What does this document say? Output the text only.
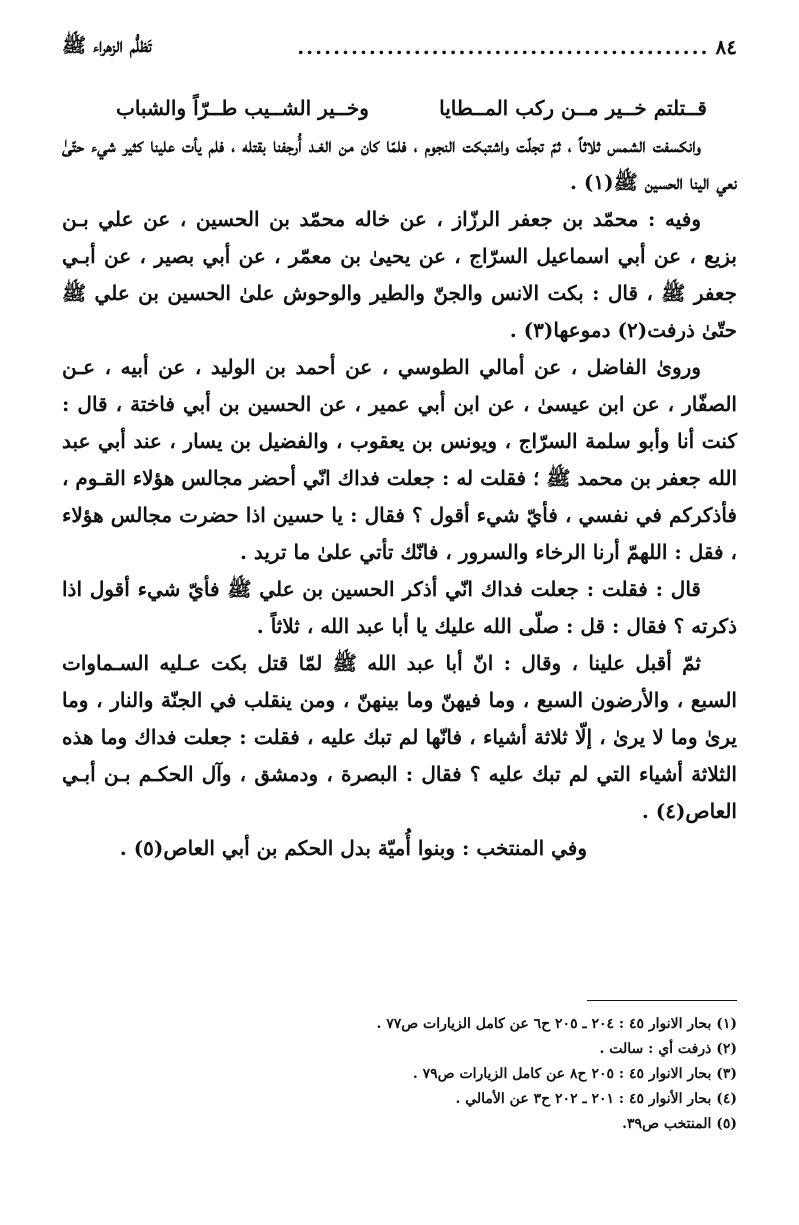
٨٤
..............................................
تَظلُّم الزهراء ﷺ
قــتلتم خــير مــن ركب المــطايا
وخــير الشــيب طــرّاً والشباب

وانكسفت الشمس ثلاثاً ، ثمّ تجلّت واشتبكت النجوم ، فلمّا كان من الغـد أُرجفنا بقتله ، فلم يأت علينا كثير شيء حتّىٰ نعي الينا الحسين ﷺ(١) .

وفيه : محمّد بن جعفر الرزّاز ، عن خاله محمّد بن الحسين ، عن علي بـن بزيع ، عن أبي اسماعيل السرّاج ، عن يحيىٰ بن معمّر ، عن أبي بصير ، عن أبـي جعفر ﷺ ، قال : بكت الانس والجنّ والطير والوحوش علىٰ الحسين بن علي ﷺ حتّىٰ ذرفت(٢) دموعها(٣) .

ورویٰ الفاضل ، عن أمالي الطوسي ، عن أحمد بن الوليد ، عن أبيه ، عـن الصفّار ، عن ابن عيسىٰ ، عن ابن أبي عمير ، عن الحسين بن أبي فاختة ، قال : كنت أنا وأبو سلمة السرّاج ، ويونس بن يعقوب ، والفضيل بن يسار ، عند أبي عبد الله جعفر بن محمد ﷺ ؛ فقلت له : جعلت فداك انّي أحضر مجالس هؤلاء القـوم ، فأذكركم في نفسي ، فأيّ شيء أقول ؟ فقال : يا حسين اذا حضرت مجالس هؤلاء ، فقل : اللهمّ أرنا الرخاء والسرور ، فانّك تأتي علىٰ ما تريد .

قال : فقلت : جعلت فداك انّي أذكر الحسين بن علي ﷺ فأيّ شيء أقول اذا ذكرته ؟ فقال : قل : صلّى الله عليك يا أبا عبد الله ، ثلاثاً .

ثمّ أقبل علينا ، وقال : انّ أبا عبد الله ﷺ لمّا قتل بكت عـليه السـماوات السبع ، والأرضون السبع ، وما فيهنّ وما بينهنّ ، ومن ينقلب في الجنّة والنار ، وما یریٰ وما لا یریٰ ، إلّا ثلاثة أشياء ، فانّها لم تبك عليه ، فقلت : جعلت فداك وما هذه الثلاثة أشياء التي لم تبك عليه ؟ فقال : البصرة ، ودمشق ، وآل الحكـم بـن أبـي العاص(٤) .

وفي المنتخب : وبنوا أُميّة بدل الحكم بن أبي العاص(٥) .

(١) بحار الانوار ٤٥ : ٢٠٤ ـ ٢٠٥ ح٦ عن كامل الزيارات ص٧٧ .
(٢) ذرفت أي : سالت .
(٣) بحار الانوار ٤٥ : ٢٠٥ ح٨ عن كامل الزيارات ص٧٩ .
(٤) بحار الأنوار ٤٥ : ٢٠١ ـ ٢٠٢ ح٣ عن الأمالي .
(٥) المنتخب ص٣٩.
